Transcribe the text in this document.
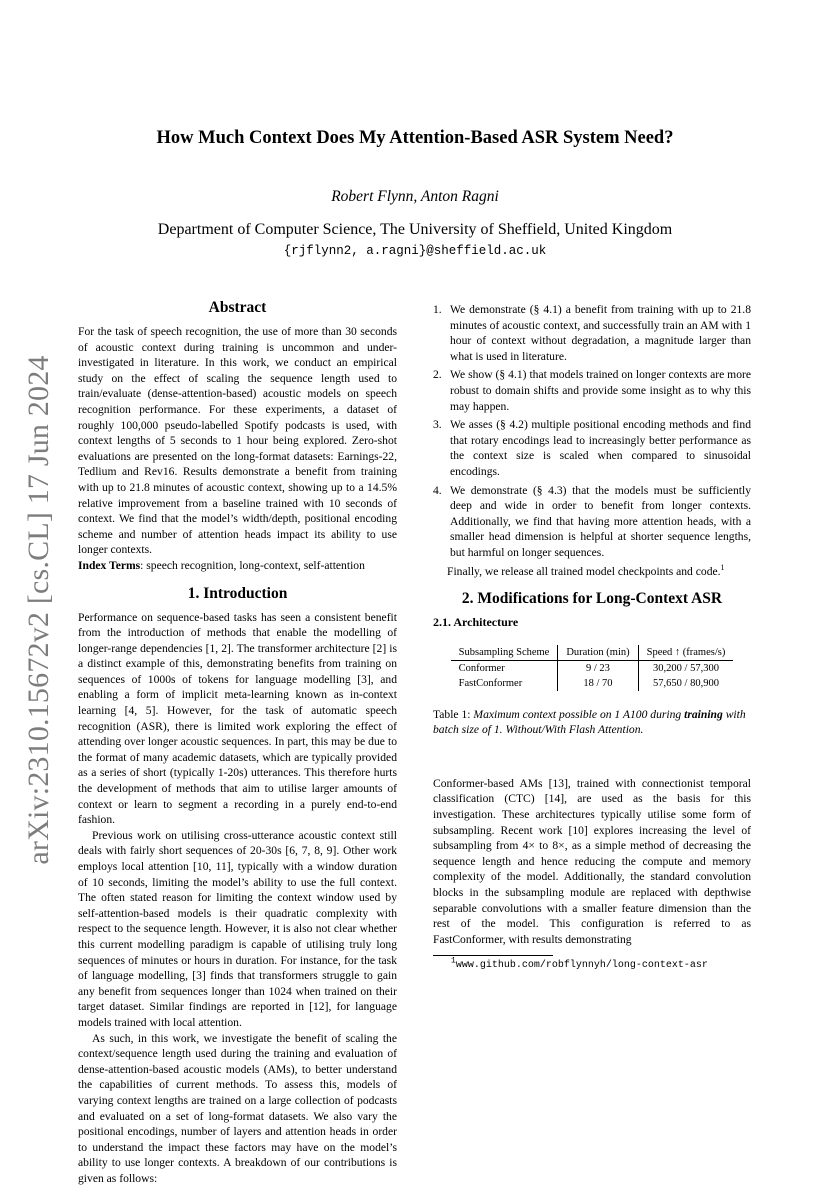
arXiv:2310.15672v2 [cs.CL] 17 Jun 2024
How Much Context Does My Attention-Based ASR System Need?
Robert Flynn, Anton Ragni
Department of Computer Science, The University of Sheffield, United Kingdom
{rjflynn2, a.ragni}@sheffield.ac.uk
Abstract

For the task of speech recognition, the use of more than 30 seconds of acoustic context during training is uncommon and under-investigated in literature. In this work, we conduct an empirical study on the effect of scaling the sequence length used to train/evaluate (dense-attention-based) acoustic models on speech recognition performance. For these experiments, a dataset of roughly 100,000 pseudo-labelled Spotify podcasts is used, with context lengths of 5 seconds to 1 hour being explored. Zero-shot evaluations are presented on the long-format datasets: Earnings-22, Tedlium and Rev16. Results demonstrate a benefit from training with up to 21.8 minutes of acoustic context, showing up to a 14.5% relative improvement from a baseline trained with 10 seconds of context. We find that the model’s width/depth, positional encoding scheme and number of attention heads impact its ability to use longer contexts.

Index Terms: speech recognition, long-context, self-attention

1. Introduction

Performance on sequence-based tasks has seen a consistent benefit from the introduction of methods that enable the modelling of longer-range dependencies [1, 2]. The transformer architecture [2] is a distinct example of this, demonstrating benefits from training on sequences of 1000s of tokens for language modelling [3], and enabling a form of implicit meta-learning known as in-context learning [4, 5]. However, for the task of automatic speech recognition (ASR), there is limited work exploring the effect of attending over longer acoustic sequences. In part, this may be due to the format of many academic datasets, which are typically provided as a series of short (typically 1-20s) utterances. This therefore hurts the development of methods that aim to utilise larger amounts of context or learn to segment a recording in a purely end-to-end fashion.

Previous work on utilising cross-utterance acoustic context still deals with fairly short sequences of 20-30s [6, 7, 8, 9]. Other work employs local attention [10, 11], typically with a window duration of 10 seconds, limiting the model’s ability to use the full context. The often stated reason for limiting the context window used by self-attention-based models is their quadratic complexity with respect to the sequence length. However, it is also not clear whether this current modelling paradigm is capable of utilising truly long sequences of minutes or hours in duration. For instance, for the task of language modelling, [3] finds that transformers struggle to gain any benefit from sequences longer than 1024 when trained on their target dataset. Similar findings are reported in [12], for language models trained with local attention.

As such, in this work, we investigate the benefit of scaling the context/sequence length used during the training and evaluation of dense-attention-based acoustic models (AMs), to better understand the capabilities of current methods. To assess this, models of varying context lengths are trained on a large collection of podcasts and evaluated on a set of long-format datasets. We also vary the positional encodings, number of layers and attention heads in order to understand the impact these factors may have on the model’s ability to use longer contexts. A breakdown of our contributions is given as follows:

1. We demonstrate (§ 4.1) a benefit from training with up to 21.8 minutes of acoustic context, and successfully train an AM with 1 hour of context without degradation, a magnitude larger than what is used in literature.
2. We show (§ 4.1) that models trained on longer contexts are more robust to domain shifts and provide some insight as to why this may happen.
3. We asses (§ 4.2) multiple positional encoding methods and find that rotary encodings lead to increasingly better performance as the context size is scaled when compared to sinusoidal encodings.
4. We demonstrate (§ 4.3) that the models must be sufficiently deep and wide in order to benefit from longer contexts. Additionally, we find that having more attention heads, with a smaller head dimension is helpful at shorter sequence lengths, but harmful on longer sequences.

Finally, we release all trained model checkpoints and code.$^1$

2. Modifications for Long-Context ASR
2.1. Architecture
Subsampling Scheme	Duration (min)	Speed ↑ (frames/s)
Conformer	9 / 23	30,200 / 57,300
FastConformer	18 / 70	57,650 / 80,900

Table 1: Maximum context possible on 1 A100 during training with batch size of 1. Without/With Flash Attention.

Conformer-based AMs [13], trained with connectionist temporal classification (CTC) [14], are used as the basis for this investigation. These architectures typically utilise some form of subsampling. Recent work [10] explores increasing the level of subsampling from 4× to 8×, as a simple method of decreasing the sequence length and hence reducing the compute and memory complexity of the model. Additionally, the standard convolution blocks in the subsampling module are replaced with depthwise separable convolutions with a smaller feature dimension than the rest of the model. This configuration is referred to as FastConformer, with results demonstrating

$^1$www.github.com/robflynnyh/long-context-asr
